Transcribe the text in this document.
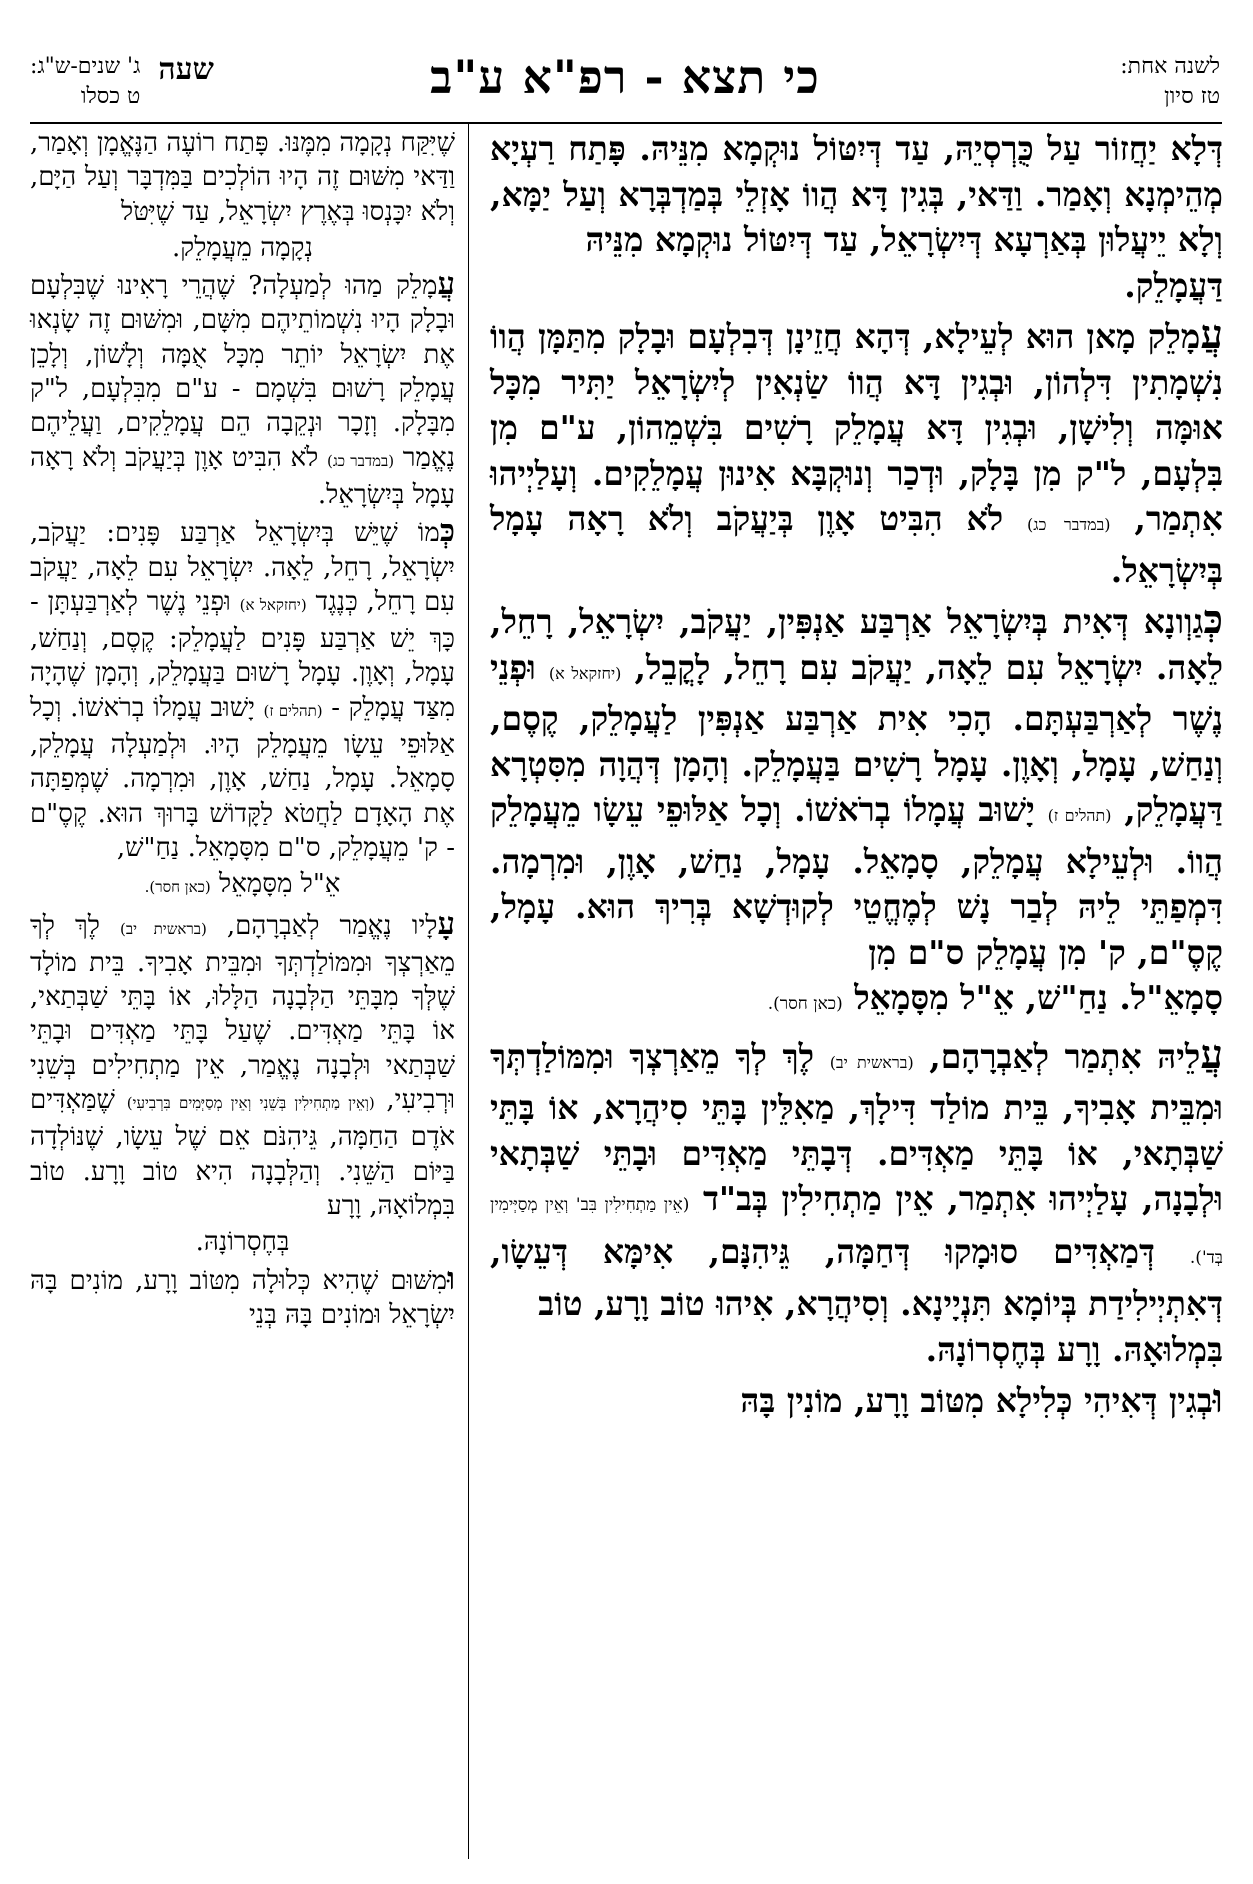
לשנה אחת:
טז סיון
כי תצא - רפ"א ע"ב
ג' שנים-ש"ג:
ט כסלו
שעה

דְּלָא יַחֲזוֹר עַל כֻּרְסְיֵהּ, עַד דְּיִטּוֹל נוּקְמָא מִנֵּיהּ. פָּתַח רַעְיָא מְהֵימְנָא וְאָמַר. וַדַּאי, בְּגִין דָּא הֲווֹ אָזְלֵי בְּמַדְבְּרָא וְעַל יַמָּא, וְלָא יֵיעֲלוּן בְּאַרְעָא דְּיִשְׂרָאֵל, עַד דְּיִטּוֹל נוּקְמָא מִנֵּיהּ
דַּעֲמָלֵק.

עֲמָלֵק מָאן הוּא לְעֵילָא, דְּהָא חֲזֵינָן דְּבִלְעָם וּבָלָק מִתַּמָּן הֲווֹ נִשְׁמָתִין דִּלְהוֹן, וּבְגִין דָּא הֲווֹ שַׂנְאִין לְיִשְׂרָאֵל יַתִּיר מִכָּל אוּמָּה וְלִישָׁן, וּבְגִין דָּא עֲמָלֵק רָשִׁים בִּשְׁמֵהוֹן, ע"ם מִן בִּלְעָם, ל"ק מִן בָּלָק, וּדְכַר וְנוּקְבָּא אִינוּן עֲמָלֵקִים. וְעָלַיְיהוּ אִתְמַר, (במדבר כג) לֹא הִבִּיט אָוֶן בְּיַעֲקֹב וְלֹא רָאָה עָמָל בְּיִשְׂרָאֵל.

כְּגַוְונָא דְּאִית בְּיִשְׂרָאֵל אַרְבַּע אַנְפִּין, יַעֲקֹב, יִשְׂרָאֵל, רָחֵל, לֵאָה. יִשְׂרָאֵל עִם לֵאָה, יַעֲקֹב עִם רָחֵל, לָקֳבֵל, (יחזקאל א) וּפְנֵי נֶשֶׁר לְאַרְבַּעְתָּם. הָכִי אִית אַרְבַּע אַנְפִּין לַעֲמָלֵק, קֶסֶם, וְנַחַשׁ, עָמָל, וְאָוֶן. עָמָל רָשִׁים בַּעֲמָלֵק. וְהָמָן דְּהֲוָה מִסִּטְרָא דַּעֲמָלֵק, (תהלים ז) יָשׁוּב עֲמָלוֹ בְרֹאשׁוֹ. וְכָל אַלּוּפֵי עֵשָׂו מֵעֲמָלֵק הֲווֹ. וּלְעֵילָא עֲמָלֵק, סָמָאֵל. עָמָל, נַחַשׁ, אָוֶן, וּמִרְמָה. דִּמְפַתֵּי לֵיהּ לְבַר נָשׁ לְמֶחֱטֵי לְקוּדְשָׁא בְּרִיךְ הוּא. עָמָל, קֶסֶ"ם, ק' מִן עֲמָלֵק ס"ם מִן
סָמָאֵ"ל. נַחַ"שׁ, אֵ"ל מִסָּמָאֵל (כאן חסר).

עֲלֵיהּ אִתְמַר לְאַבְרָהָם, (בראשית יב) לֶךְ לְךָ מֵאַרְצְךָ וּמִמּוֹלַדְתְּךָ וּמִבֵּית אָבִיךָ, בֵּית מוֹלַד דִּילָךְ, מַאִלֵּין בָּתֵּי סִיהֲרָא, אוֹ בָּתֵּי שַׁבְּתָאי, אוֹ בָּתֵּי מַאְדִּים. דְּבָתֵּי מַאְדִּים וּבָתֵּי שַׁבְּתָאי וּלְבָנָה, עָלַיְיהוּ אִתְמַר, אֵין מַתְחִילִין בְּב"ד (אֵין מַתְחִילִין בִּב' וְאֵין מְסַיְּימִין בְּד'). דְּמַאְדִּים סוּמָקוּ דְּחַמָּה, גֵּיהִנָּם, אִימָּא דְּעֵשָׂו, דְּאִתְיְילִידַת בְּיוֹמָא תִּנְיָינָא. וְסִיהֲרָא, אִיהוּ טוֹב וָרָע, טוֹב
בִּמְלוּאָהּ. וָרָע בְּחֶסְרוֹנָהּ.

וּבְגִין דְּאִיהִי כְּלִילָא מִטּוֹב וָרָע, מוֹנִין בָּהּ

שֶׁיִּקַּח נְקָמָה מִמֶּנּוּ. פָּתַח רוֹעֶה הַנֶּאֱמָן וְאָמַר, וַדַּאי מִשּׁוּם זֶה הָיוּ הוֹלְכִים בַּמִּדְבָּר וְעַל הַיָּם, וְלֹא יִכָּנְסוּ בְּאֶרֶץ יִשְׂרָאֵל, עַד שֶׁיִּטֹּל

נְקָמָה מֵעֲמָלֵק.

עֲמָלֵק מַהוּ לְמַעְלָה? שֶׁהֲרֵי רָאִינוּ שֶׁבִּלְעָם וּבָלָק הָיוּ נִשְׁמוֹתֵיהֶם מִשָּׁם, וּמִשּׁוּם זֶה שָׂנְאוּ אֶת יִשְׂרָאֵל יוֹתֵר מִכָּל אֻמָּה וְלָשׁוֹן, וְלָכֵן עֲמָלֵק רָשׁוּם בִּשְׁמָם - ע"ם מִבִּלְעָם, ל"ק מִבָּלָק. וְזָכָר וּנְקֵבָה הֵם עֲמָלֵקִים, וַעֲלֵיהֶם נֶאֱמַר (במדבר כג) לֹא הִבִּיט אָוֶן בְּיַעֲקֹב וְלֹא רָאָה עָמָל בְּיִשְׂרָאֵל.

כְּמוֹ שֶׁיֵּשׁ בְּיִשְׂרָאֵל אַרְבַּע פָּנִים: יַעֲקֹב, יִשְׂרָאֵל, רָחֵל, לֵאָה. יִשְׂרָאֵל עִם לֵאָה, יַעֲקֹב עִם רָחֵל, כְּנֶגֶד (יחזקאל א) וּפְנֵי נֶשֶׁר לְאַרְבַּעְתָּן - כָּךְ יֵשׁ אַרְבַּע פָּנִים לַעֲמָלֵק: קֶסֶם, וְנַחַשׁ, עָמָל, וְאָוֶן. עָמָל רָשׁוּם בַּעֲמָלֵק, וְהָמָן שֶׁהָיָה מִצַּד עֲמָלֵק - (תהלים ז) יָשׁוּב עֲמָלוֹ בְרֹאשׁוֹ. וְכָל אַלּוּפֵי עֵשָׂו מֵעֲמָלֵק הָיוּ. וּלְמַעְלָה עֲמָלֵק, סָמָאֵל. עָמָל, נַחַשׁ, אָוֶן, וּמִרְמָה. שֶׁמְּפַתָּה אֶת הָאָדָם לַחֲטֹא לַקָּדוֹשׁ בָּרוּךְ הוּא. קֶסֶ"ם - ק' מֵעֲמָלֵק, ס"ם מִסָּמָאֵל. נַחַ"שׁ,

אֵ"ל מִסָּמָאֵל (כאן חסר).

עָלָיו נֶאֱמַר לְאַבְרָהָם, (בראשית יב) לֶךְ לְךָ מֵאַרְצְךָ וּמִמּוֹלַדְתְּךָ וּמִבֵּית אָבִיךָ. בֵּית מוֹלָד שֶׁלְּךָ מִבָּתֵּי הַלְּבָנָה הַלָּלוּ, אוֹ בָּתֵּי שַׁבְּתַאי, אוֹ בָּתֵּי מַאְדִּים. שֶׁעַל בָּתֵּי מַאְדִּים וּבָתֵּי שַׁבְּתַאי וּלְבָנָה נֶאֱמַר, אֵין מַתְחִילִים בְּשֵׁנִי וּרְבִיעִי, (וְאֵין מַתְחִילִין בְּשֵׁנִי וְאֵין מְסַיְּמִים בִּרְבִיעִי) שֶׁמַּאְדִּים אֹדֶם הַחַמָּה, גֵּיהִנֹּם אֵם שֶׁל עֵשָׂו, שֶׁנּוֹלְדָה בַּיּוֹם הַשֵּׁנִי. וְהַלְּבָנָה הִיא טוֹב וָרָע. טוֹב בִּמְלוֹאָהּ, וָרָע

בְּחֶסְרוֹנָהּ.

וּמִשּׁוּם שֶׁהִיא כְּלוּלָה מִטּוֹב וָרָע, מוֹנִים בָּהּ יִשְׂרָאֵל וּמוֹנִים בָּהּ בְּנֵי
